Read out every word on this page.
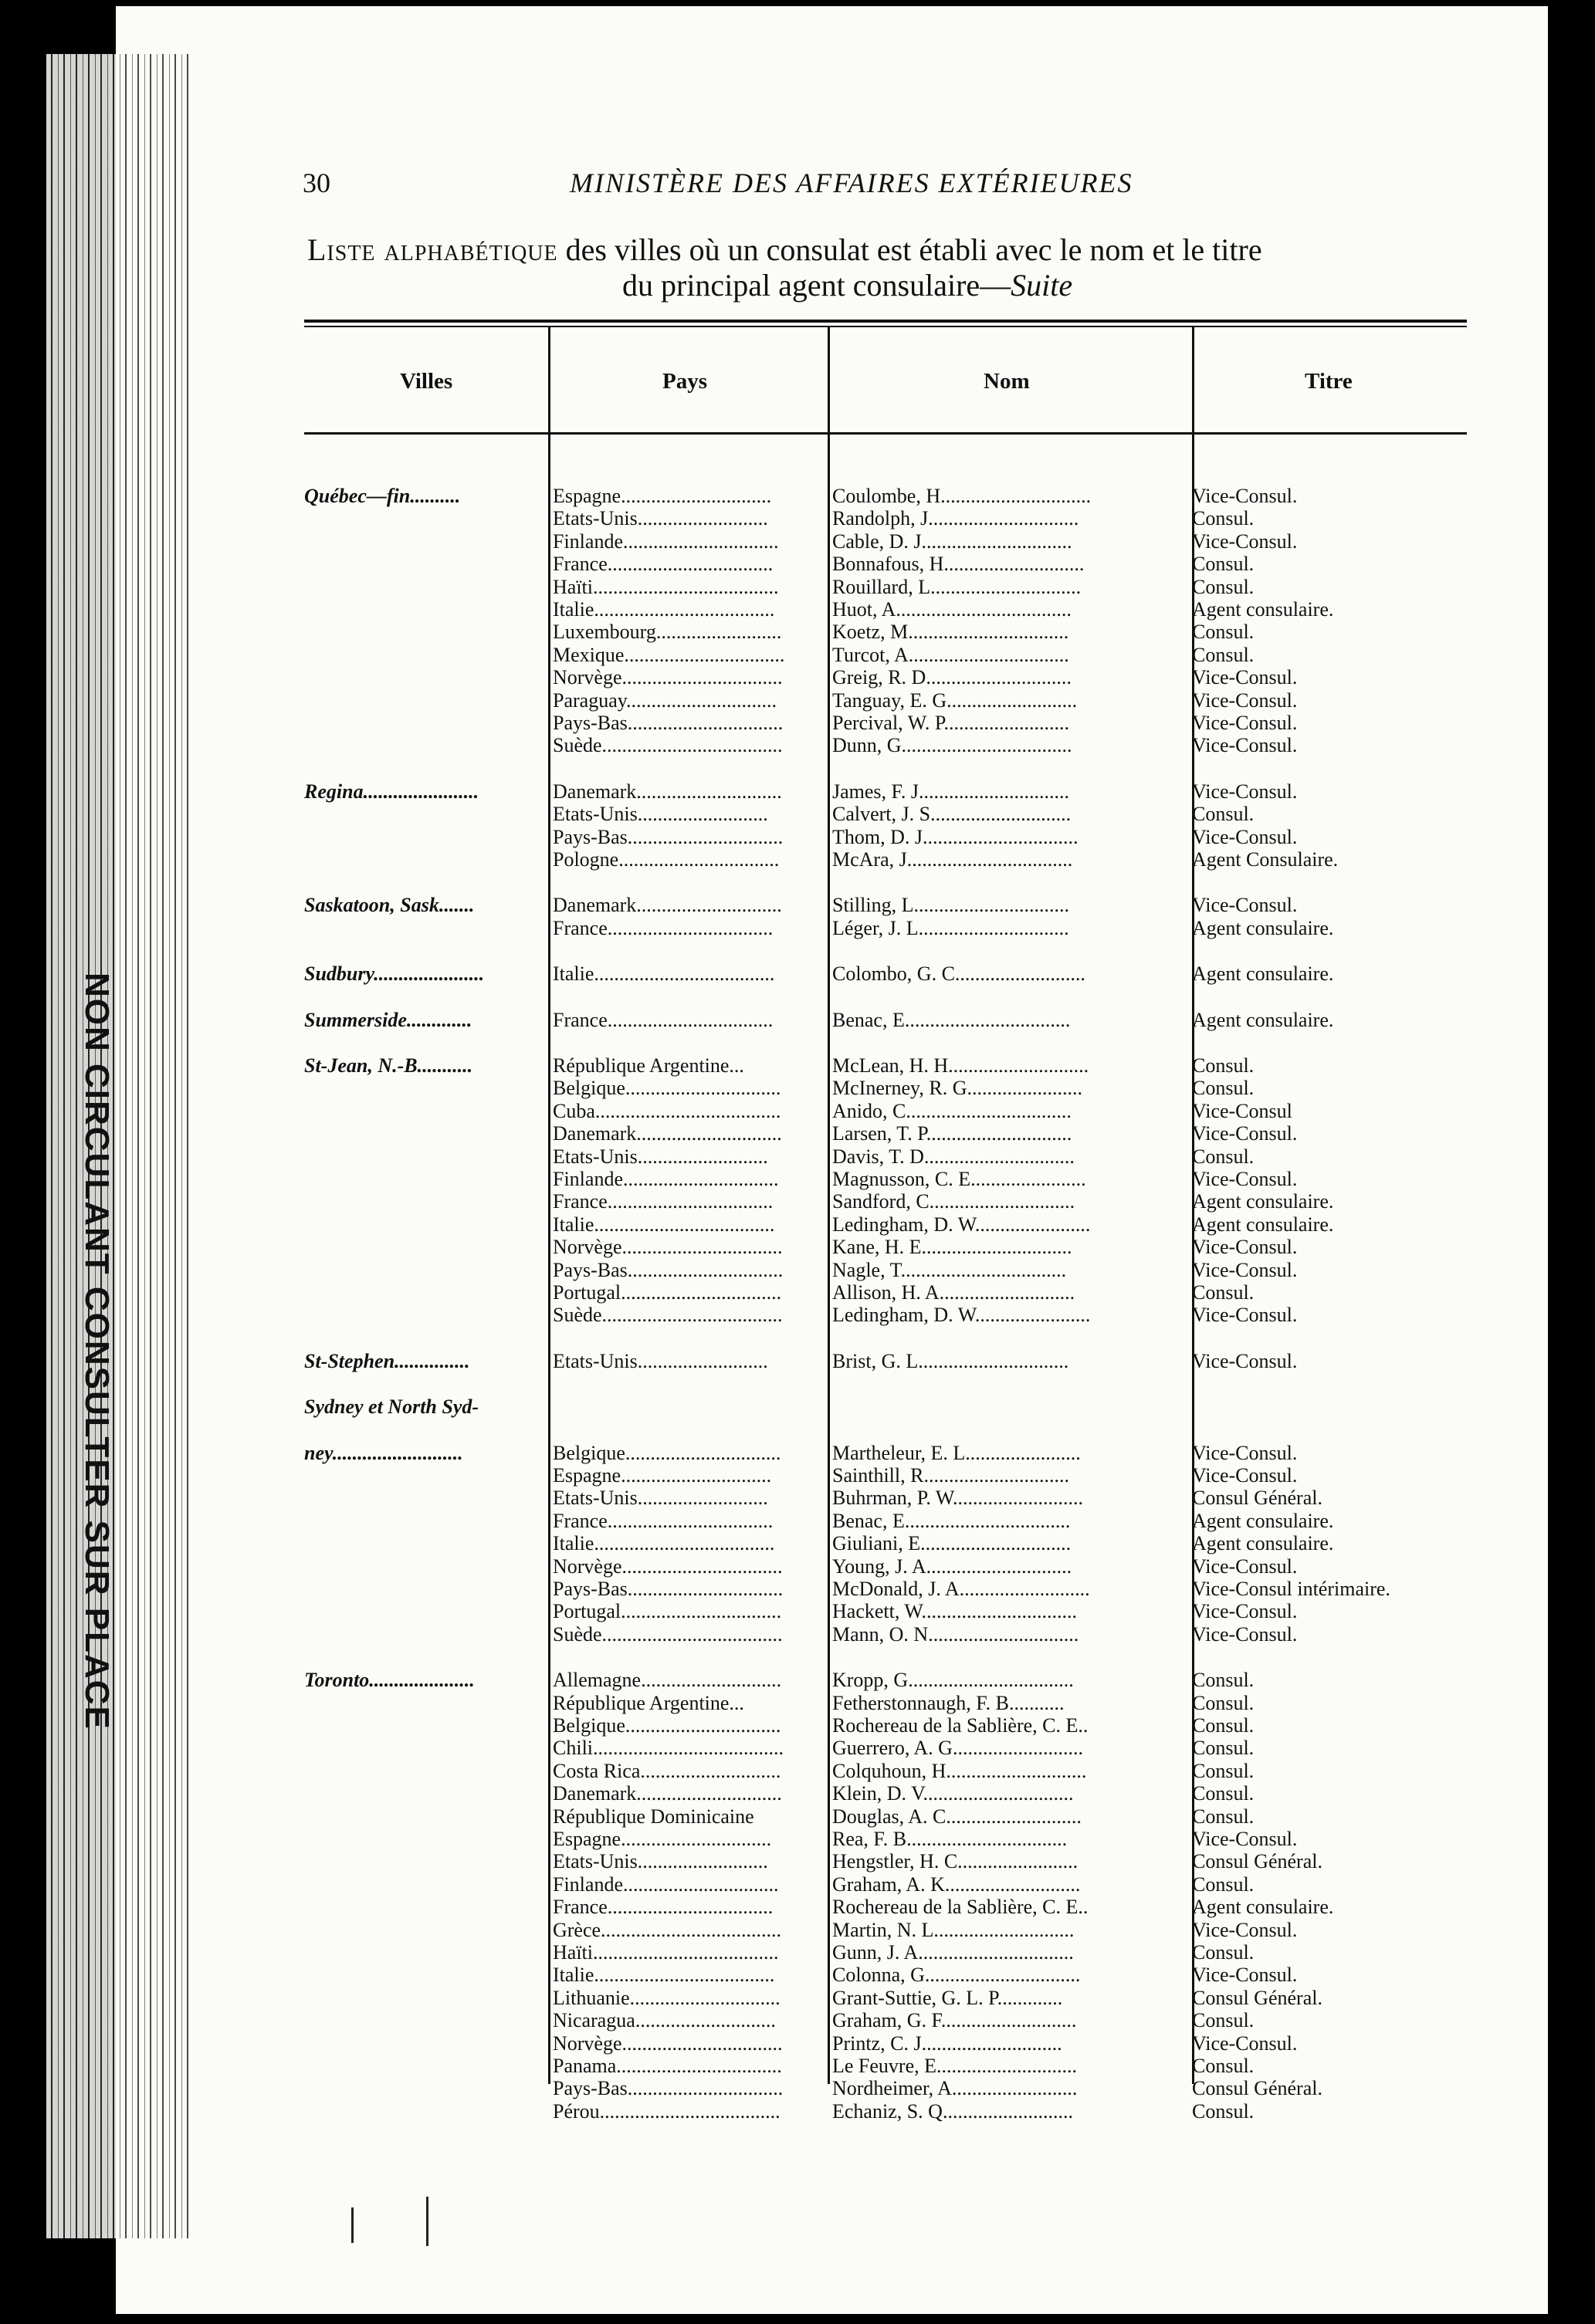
NON CIRCULANT CONSULTER SUR PLACE
30	MINISTÈRE DES AFFAIRES EXTÉRIEURES
Liste alphabétique des villes où un consulat est établi avec le nom et le titre
du principal agent consulaire—Suite
Villes	Pays	Nom	Titre
Québec—fin..........	Espagne..............................	Coulombe, H..............................	Vice-Consul.
Etats-Unis..........................	Randolph, J..............................	Consul.
Finlande...............................	Cable, D. J..............................	Vice-Consul.
France.................................	Bonnafous, H............................	Consul.
Haïti.....................................	Rouillard, L..............................	Consul.
Italie....................................	Huot, A...................................	Agent consulaire.
Luxembourg.........................	Koetz, M................................	Consul.
Mexique................................	Turcot, A................................	Consul.
Norvège................................	Greig, R. D.............................	Vice-Consul.
Paraguay..............................	Tanguay, E. G..........................	Vice-Consul.
Pays-Bas...............................	Percival, W. P.........................	Vice-Consul.
Suède....................................	Dunn, G..................................	Vice-Consul.
Regina.......................	Danemark.............................	James, F. J..............................	Vice-Consul.
Etats-Unis..........................	Calvert, J. S............................	Consul.
Pays-Bas...............................	Thom, D. J...............................	Vice-Consul.
Pologne................................	McAra, J.................................	Agent Consulaire.
Saskatoon, Sask.......	Danemark.............................	Stilling, L...............................	Vice-Consul.
France.................................	Léger, J. L..............................	Agent consulaire.
Sudbury......................	Italie....................................	Colombo, G. C..........................	Agent consulaire.
Summerside.............	France.................................	Benac, E.................................	Agent consulaire.
St-Jean, N.-B...........	République Argentine...	McLean, H. H............................	Consul.
Belgique...............................	McInerney, R. G.......................	Consul.
Cuba.....................................	Anido, C.................................	Vice-Consul
Danemark.............................	Larsen, T. P.............................	Vice-Consul.
Etats-Unis..........................	Davis, T. D..............................	Consul.
Finlande...............................	Magnusson, C. E.......................	Vice-Consul.
France.................................	Sandford, C.............................	Agent consulaire.
Italie....................................	Ledingham, D. W.......................	Agent consulaire.
Norvège................................	Kane, H. E..............................	Vice-Consul.
Pays-Bas...............................	Nagle, T.................................	Vice-Consul.
Portugal................................	Allison, H. A...........................	Consul.
Suède....................................	Ledingham, D. W.......................	Vice-Consul.
St-Stephen...............	Etats-Unis..........................	Brist, G. L..............................	Vice-Consul.
Sydney et North Syd-
ney..........................	Belgique...............................	Martheleur, E. L.......................	Vice-Consul.
Espagne..............................	Sainthill, R.............................	Vice-Consul.
Etats-Unis..........................	Buhrman, P. W..........................	Consul Général.
France.................................	Benac, E.................................	Agent consulaire.
Italie....................................	Giuliani, E..............................	Agent consulaire.
Norvège................................	Young, J. A.............................	Vice-Consul.
Pays-Bas...............................	McDonald, J. A..........................	Vice-Consul intérimaire.
Portugal................................	Hackett, W...............................	Vice-Consul.
Suède....................................	Mann, O. N..............................	Vice-Consul.
Toronto.....................	Allemagne............................	Kropp, G.................................	Consul.
République Argentine...	Fetherstonnaugh, F. B...........	Consul.
Belgique...............................	Rochereau de la Sablière, C. E..	Consul.
Chili......................................	Guerrero, A. G..........................	Consul.
Costa Rica............................	Colquhoun, H............................	Consul.
Danemark.............................	Klein, D. V..............................	Consul.
République Dominicaine	Douglas, A. C...........................	Consul.
Espagne..............................	Rea, F. B................................	Vice-Consul.
Etats-Unis..........................	Hengstler, H. C........................	Consul Général.
Finlande...............................	Graham, A. K...........................	Consul.
France.................................	Rochereau de la Sablière, C. E..	Agent consulaire.
Grèce....................................	Martin, N. L............................	Vice-Consul.
Haïti.....................................	Gunn, J. A...............................	Consul.
Italie....................................	Colonna, G...............................	Vice-Consul.
Lithuanie..............................	Grant-Suttie, G. L. P.............	Consul Général.
Nicaragua............................	Graham, G. F...........................	Consul.
Norvège................................	Printz, C. J............................	Vice-Consul.
Panama.................................	Le Feuvre, E............................	Consul.
Pays-Bas...............................	Nordheimer, A.........................	Consul Général.
Pérou....................................	Echaniz, S. Q..........................	Consul.
